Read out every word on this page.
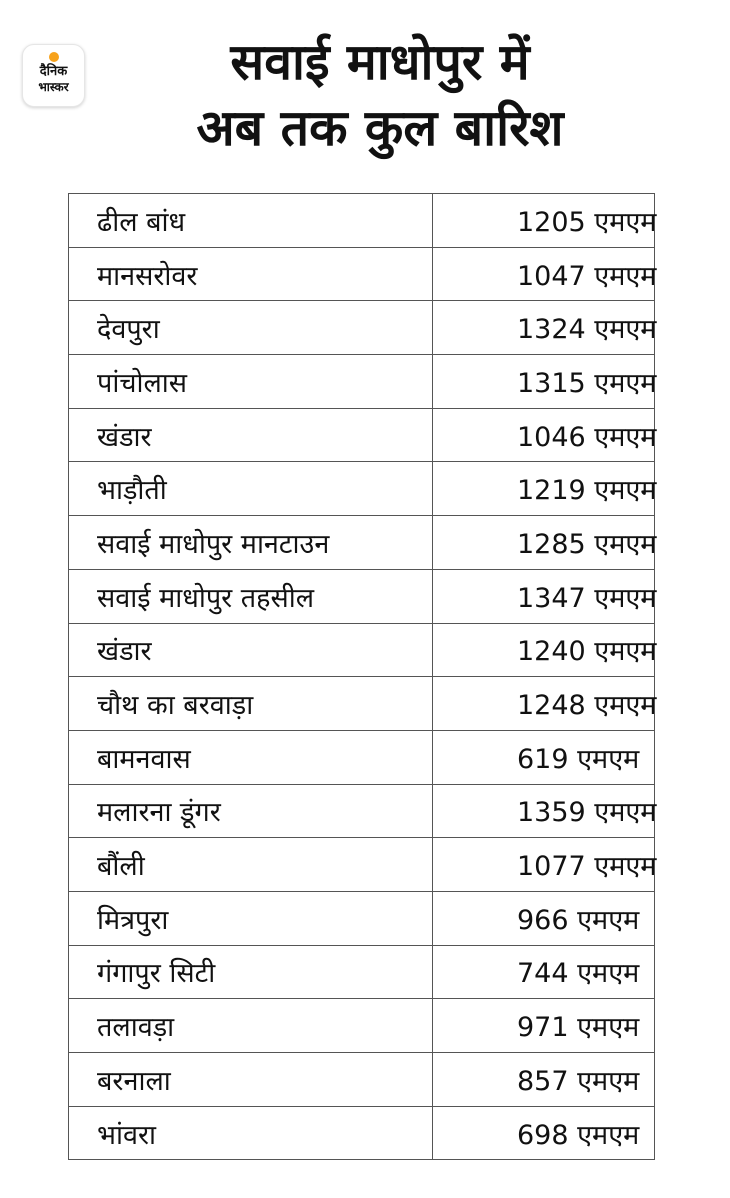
दैनिक
भास्कर	सवाई माधोपुर में
अब तक कुल बारिश
ढील बांध	1205 एमएम
मानसरोवर	1047 एमएम
देवपुरा	1324 एमएम
पांचोलास	1315 एमएम
खंडार	1046 एमएम
भाड़ौती	1219 एमएम
सवाई माधोपुर मानटाउन	1285 एमएम
सवाई माधोपुर तहसील	1347 एमएम
खंडार	1240 एमएम
चौथ का बरवाड़ा	1248 एमएम
बामनवास	619 एमएम
मलारना डूंगर	1359 एमएम
बौंली	1077 एमएम
मित्रपुरा	966 एमएम
गंगापुर सिटी	744 एमएम
तलावड़ा	971 एमएम
बरनाला	857 एमएम
भांवरा	698 एमएम
